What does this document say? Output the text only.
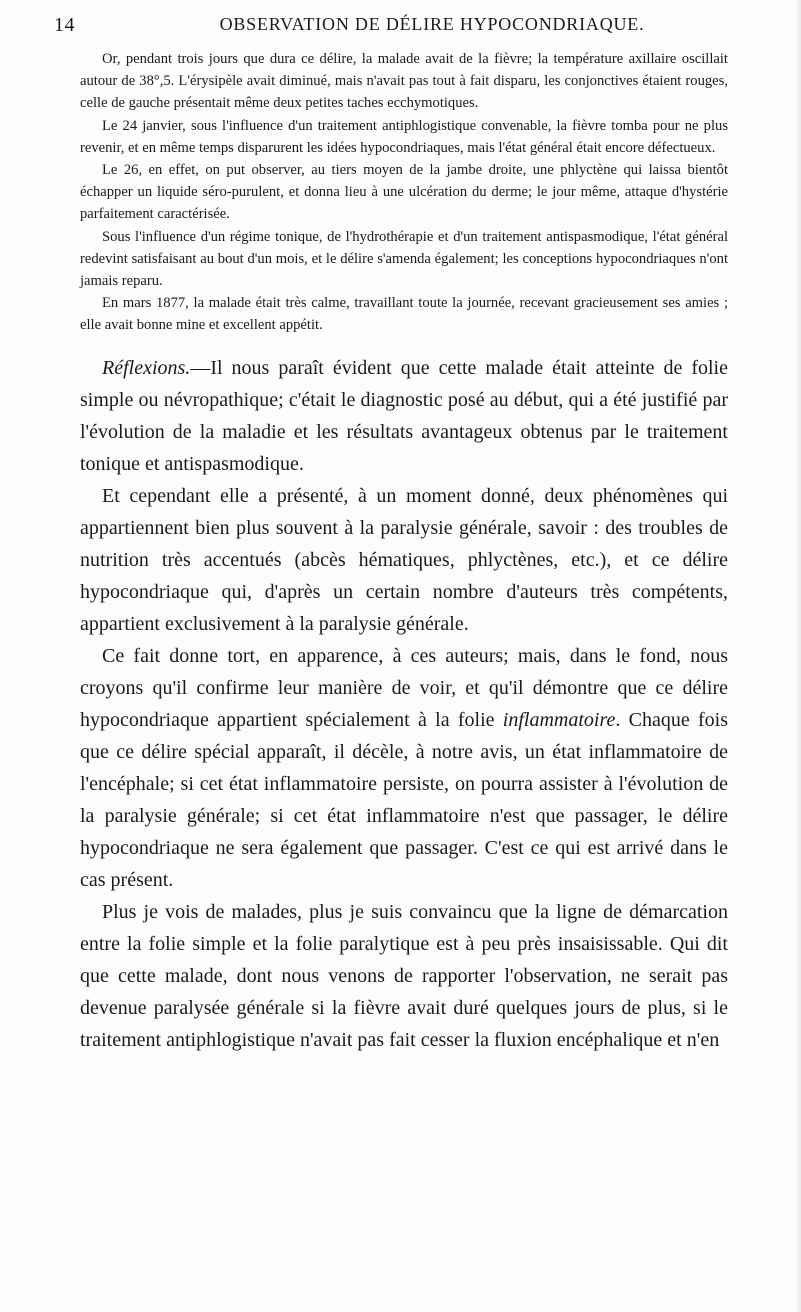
14	OBSERVATION DE DÉLIRE HYPOCONDRIAQUE.

Or, pendant trois jours que dura ce délire, la malade avait de la fièvre; la température axillaire oscillait autour de 38°,5. L'érysipèle avait diminué, mais n'avait pas tout à fait disparu, les conjonctives étaient rouges, celle de gauche présentait même deux petites taches ecchymotiques.

Le 24 janvier, sous l'influence d'un traitement antiphlogistique convenable, la fièvre tomba pour ne plus revenir, et en même temps disparurent les idées hypocondriaques, mais l'état général était encore défectueux.

Le 26, en effet, on put observer, au tiers moyen de la jambe droite, une phlyctène qui laissa bientôt échapper un liquide séro-purulent, et donna lieu à une ulcération du derme; le jour même, attaque d'hystérie parfaitement caractérisée.

Sous l'influence d'un régime tonique, de l'hydrothérapie et d'un traitement antispasmodique, l'état général redevint satisfaisant au bout d'un mois, et le délire s'amenda également; les conceptions hypocondriaques n'ont jamais reparu.

En mars 1877, la malade était très calme, travaillant toute la journée, recevant gracieusement ses amies ; elle avait bonne mine et excellent appétit.

Réflexions.—Il nous paraît évident que cette malade était atteinte de folie simple ou névropathique; c'était le diagnostic posé au début, qui a été justifié par l'évolution de la maladie et les résultats avantageux obtenus par le traitement tonique et antispasmodique.

Et cependant elle a présenté, à un moment donné, deux phénomènes qui appartiennent bien plus souvent à la paralysie générale, savoir : des troubles de nutrition très accentués (abcès hématiques, phlyctènes, etc.), et ce délire hypocondriaque qui, d'après un certain nombre d'auteurs très compétents, appartient exclusivement à la paralysie générale.

Ce fait donne tort, en apparence, à ces auteurs; mais, dans le fond, nous croyons qu'il confirme leur manière de voir, et qu'il démontre que ce délire hypocondriaque appartient spécialement à la folie inflammatoire. Chaque fois que ce délire spécial apparaît, il décèle, à notre avis, un état inflammatoire de l'encéphale; si cet état inflammatoire persiste, on pourra assister à l'évolution de la paralysie générale; si cet état inflammatoire n'est que passager, le délire hypocondriaque ne sera également que passager. C'est ce qui est arrivé dans le cas présent.

Plus je vois de malades, plus je suis convaincu que la ligne de démarcation entre la folie simple et la folie paralytique est à peu près insaisissable. Qui dit que cette malade, dont nous venons de rapporter l'observation, ne serait pas devenue paralysée générale si la fièvre avait duré quelques jours de plus, si le traitement antiphlogistique n'avait pas fait cesser la fluxion encéphalique et n'en
